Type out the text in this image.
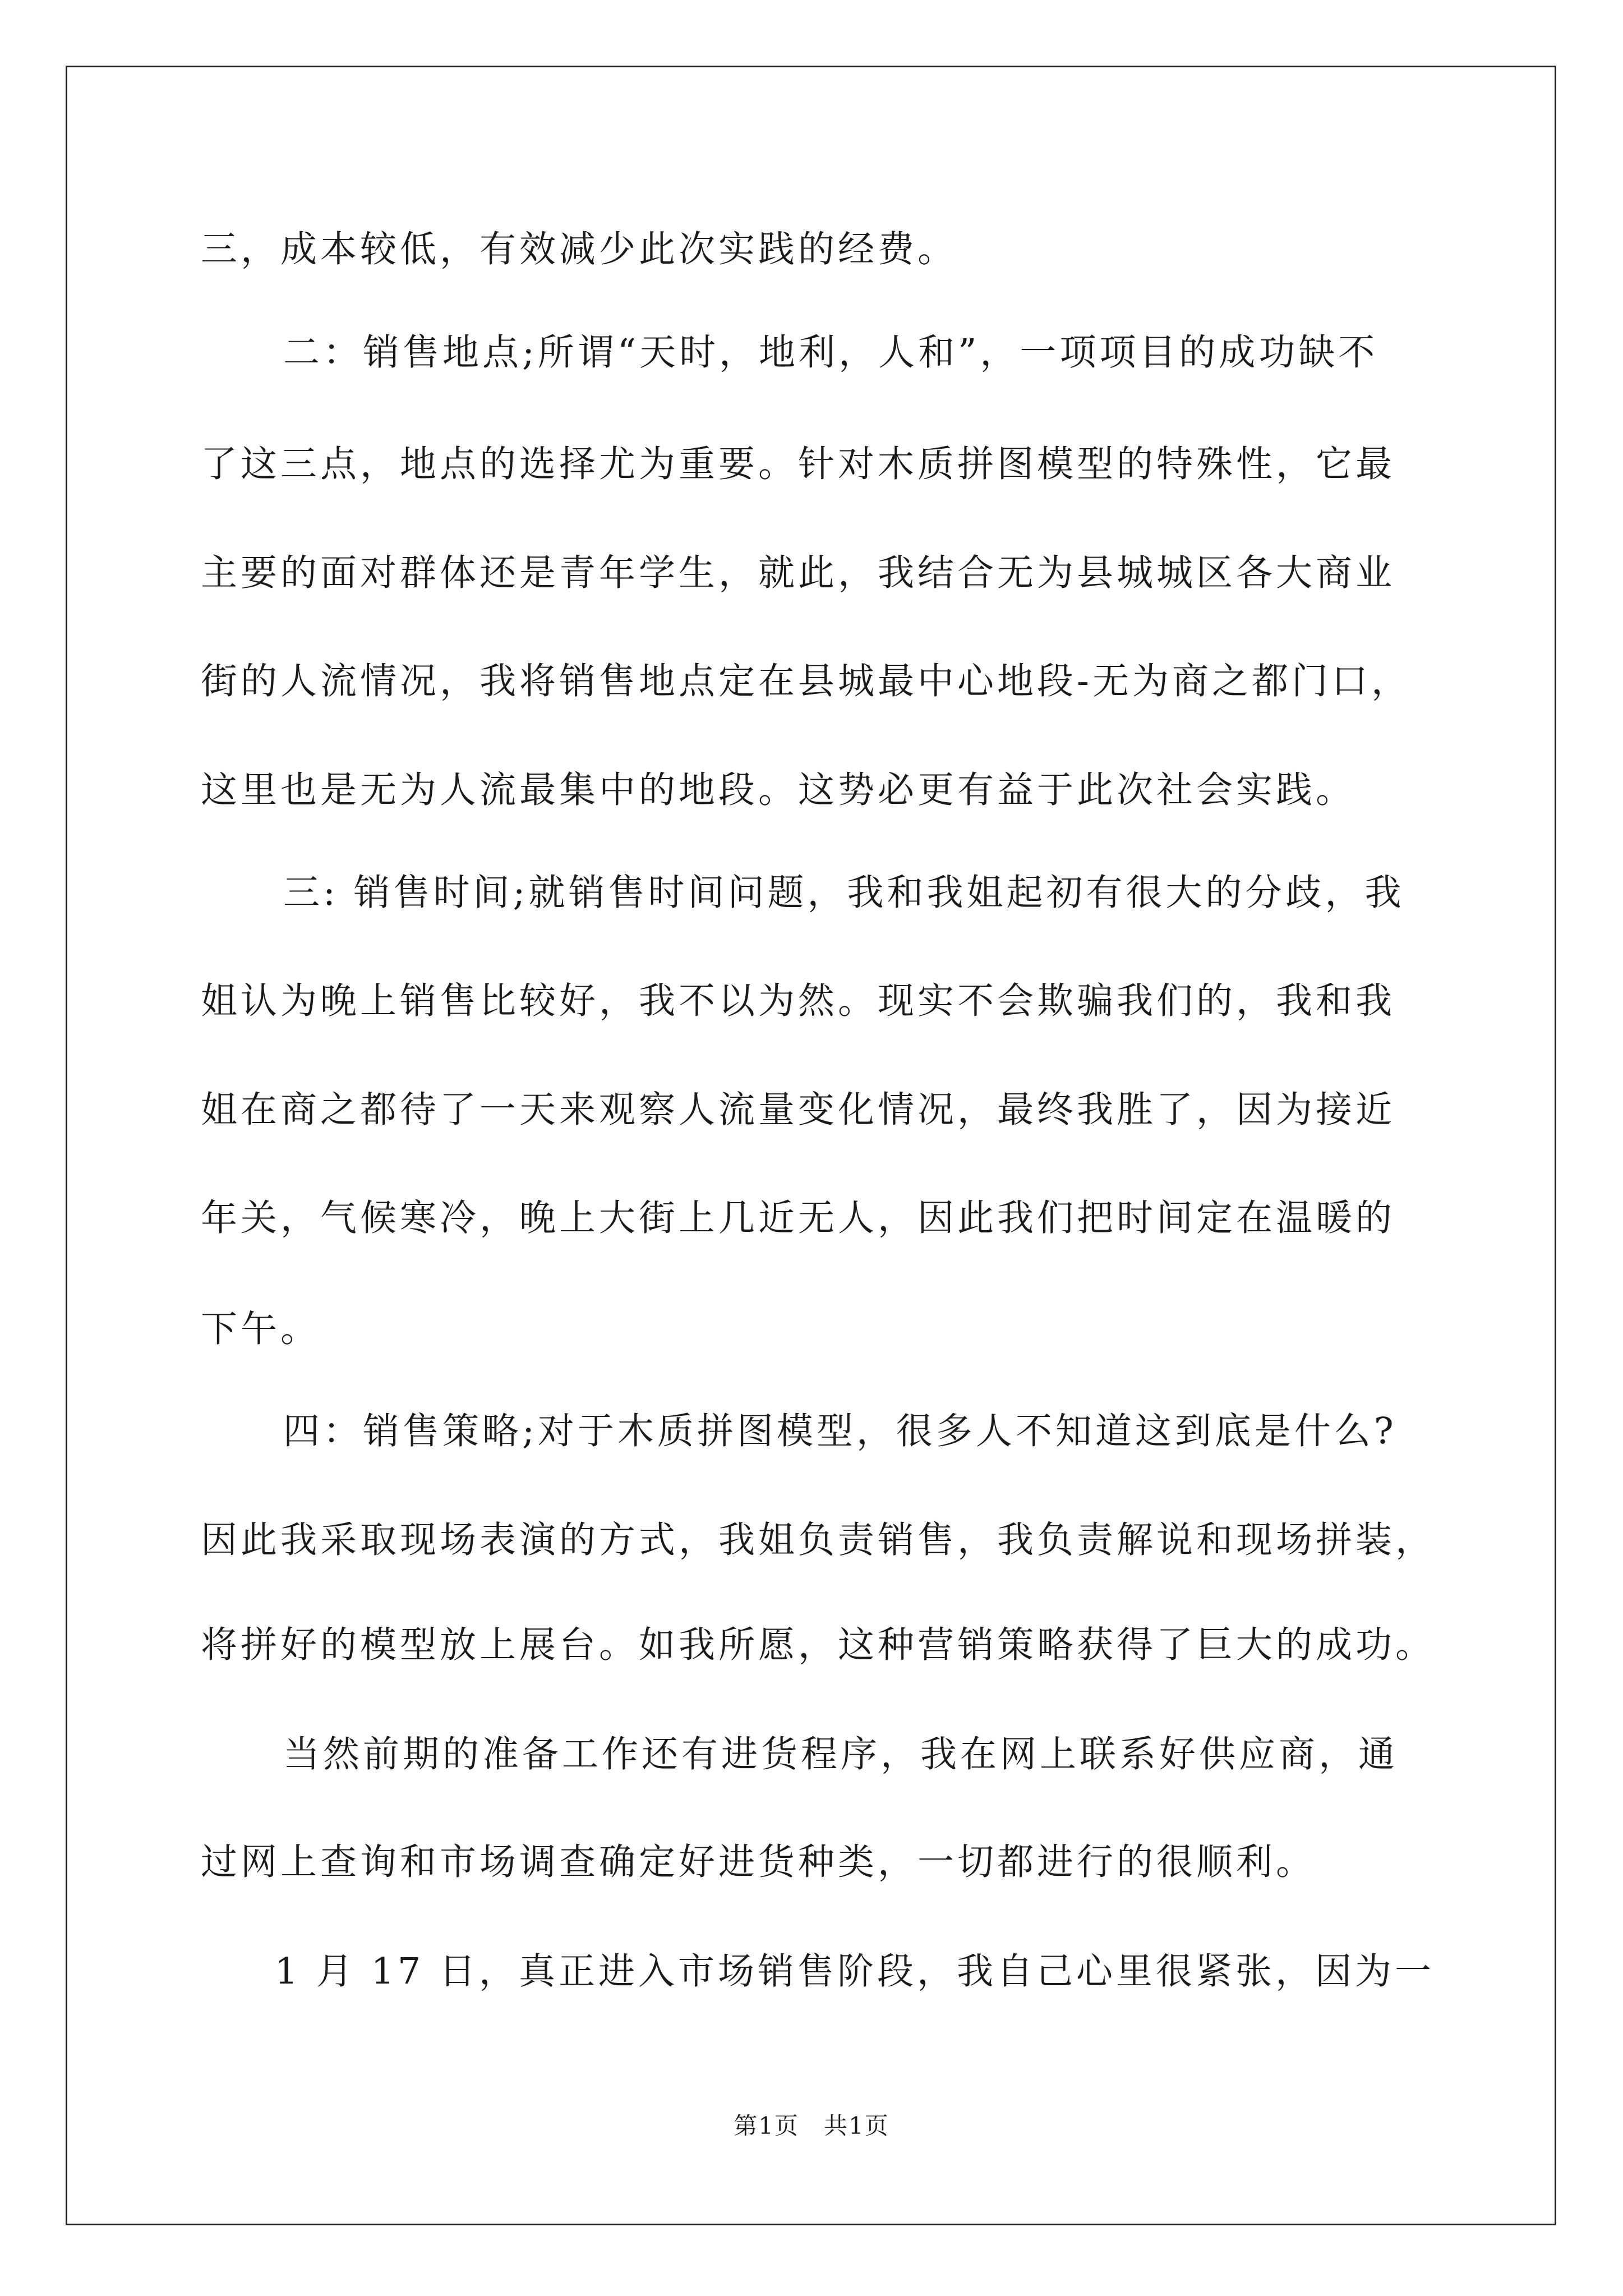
三，成本较低，有效减少此次实践的经费。
二：销售地点;所谓“天时，地利，人和”，一项项目的成功缺不
了这三点，地点的选择尤为重要。针对木质拼图模型的特殊性，它最
主要的面对群体还是青年学生，就此，我结合无为县城城区各大商业
街的人流情况，我将销售地点定在县城最中心地段-无为商之都门口，
这里也是无为人流最集中的地段。这势必更有益于此次社会实践。
三: 销售时间;就销售时间问题，我和我姐起初有很大的分歧，我
姐认为晚上销售比较好，我不以为然。现实不会欺骗我们的，我和我
姐在商之都待了一天来观察人流量变化情况，最终我胜了，因为接近
年关，气候寒冷，晚上大街上几近无人，因此我们把时间定在温暖的
下午。
四：销售策略;对于木质拼图模型，很多人不知道这到底是什么?
因此我采取现场表演的方式，我姐负责销售，我负责解说和现场拼装，
将拼好的模型放上展台。如我所愿，这种营销策略获得了巨大的成功。
当然前期的准备工作还有进货程序，我在网上联系好供应商，通
过网上查询和市场调查确定好进货种类，一切都进行的很顺利。
1 月 17 日，真正进入市场销售阶段，我自己心里很紧张，因为一
第1页　共1页
